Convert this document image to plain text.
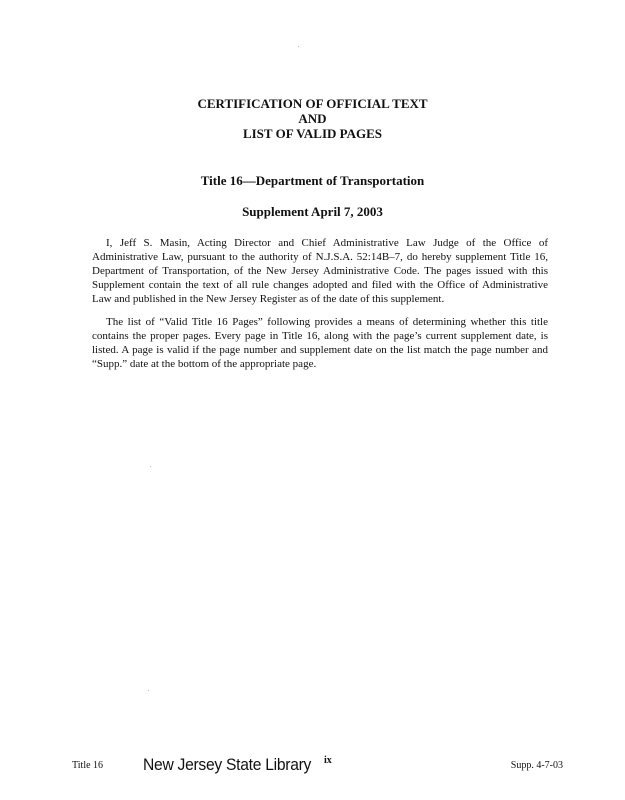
CERTIFICATION OF OFFICIAL TEXT
AND
LIST OF VALID PAGES
Title 16—Department of Transportation
Supplement April 7, 2003

I, Jeff S. Masin, Acting Director and Chief Administrative Law Judge of the Office of Administrative Law, pursuant to the authority of N.J.S.A. 52:14B–7, do hereby supplement Title 16, Department of Transportation, of the New Jersey Administrative Code. The pages issued with this Supplement contain the text of all rule changes adopted and filed with the Office of Administrative Law and published in the New Jersey Register as of the date of this supplement.

The list of “Valid Title 16 Pages” following provides a means of determining whether this title contains the proper pages. Every page in Title 16, along with the page’s current supplement date, is listed. A page is valid if the page number and supplement date on the list match the page number and “Supp.” date at the bottom of the appropriate page.

Title 16 New Jersey State Library ix	Supp. 4-7-03
